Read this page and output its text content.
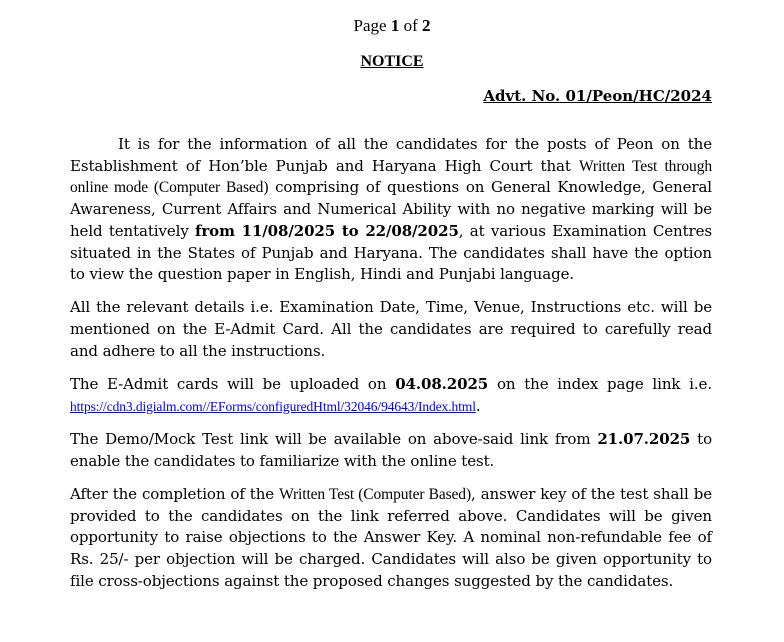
Page 1 of 2
NOTICE
Advt. No. 01/Peon/HC/2024

It is for the information of all the candidates for the posts of Peon on the Establishment of Hon’ble Punjab and Haryana High Court that Written Test through online mode (Computer Based) comprising of questions on General Knowledge, General Awareness, Current Affairs and Numerical Ability with no negative marking will be held tentatively from 11/08/2025 to 22/08/2025, at various Examination Centres situated in the States of Punjab and Haryana. The candidates shall have the option to view the question paper in English, Hindi and Punjabi language.

All the relevant details i.e. Examination Date, Time, Venue, Instructions etc. will be mentioned on the E-Admit Card. All the candidates are required to carefully read and adhere to all the instructions.

The E-Admit cards will be uploaded on 04.08.2025 on the index page link i.e. https://cdn3.digialm.com//EForms/configuredHtml/32046/94643/Index.html.

The Demo/Mock Test link will be available on above-said link from 21.07.2025 to enable the candidates to familiarize with the online test.

After the completion of the Written Test (Computer Based), answer key of the test shall be provided to the candidates on the link referred above. Candidates will be given opportunity to raise objections to the Answer Key. A nominal non-refundable fee of Rs. 25/- per objection will be charged. Candidates will also be given opportunity to file cross-objections against the proposed changes suggested by the candidates.
